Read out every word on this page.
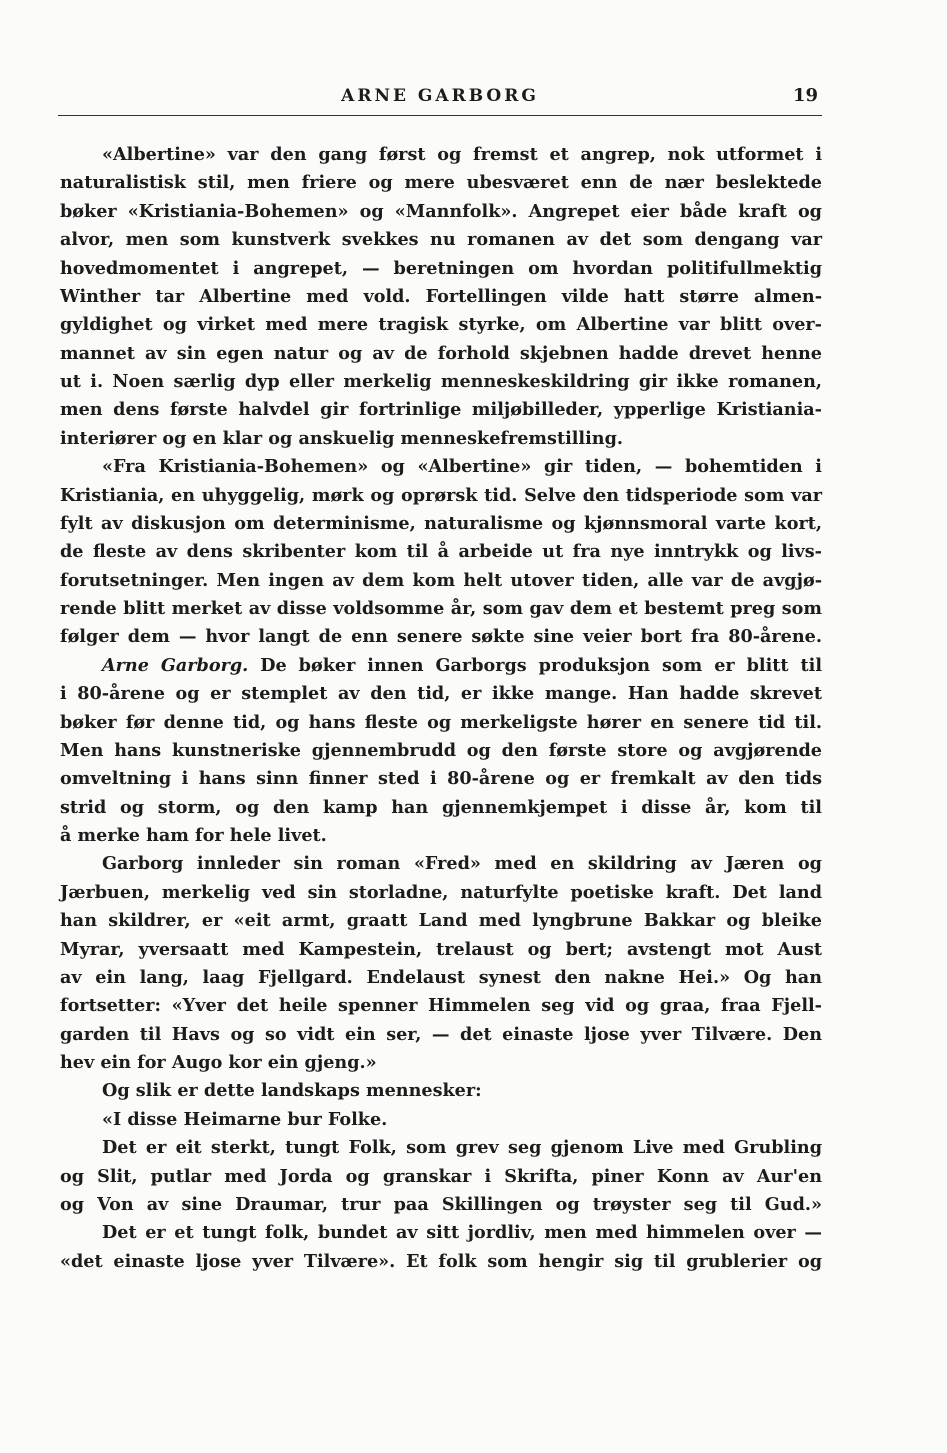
ARNE GARBORG	19
«Albertine» var den gang først og fremst et angrep, nok utformet i
naturalistisk stil, men friere og mere ubesværet enn de nær beslektede
bøker «Kristiania-Bohemen» og «Mannfolk». Angrepet eier både kraft og
alvor, men som kunstverk svekkes nu romanen av det som dengang var
hovedmomentet i angrepet, — beretningen om hvordan politifullmektig
Winther tar Albertine med vold. Fortellingen vilde hatt større almen-
gyldighet og virket med mere tragisk styrke, om Albertine var blitt over-
mannet av sin egen natur og av de forhold skjebnen hadde drevet henne
ut i. Noen særlig dyp eller merkelig menneskeskildring gir ikke romanen,
men dens første halvdel gir fortrinlige miljøbilleder, ypperlige Kristiania-
interiører og en klar og anskuelig menneskefremstilling.
«Fra Kristiania-Bohemen» og «Albertine» gir tiden, — bohemtiden i
Kristiania, en uhyggelig, mørk og oprørsk tid. Selve den tidsperiode som var
fylt av diskusjon om determinisme, naturalisme og kjønnsmoral varte kort,
de fleste av dens skribenter kom til å arbeide ut fra nye inntrykk og livs-
forutsetninger. Men ingen av dem kom helt utover tiden, alle var de avgjø-
rende blitt merket av disse voldsomme år, som gav dem et bestemt preg som
følger dem — hvor langt de enn senere søkte sine veier bort fra 80-årene.
Arne Garborg. De bøker innen Garborgs produksjon som er blitt til
i 80-årene og er stemplet av den tid, er ikke mange. Han hadde skrevet
bøker før denne tid, og hans fleste og merkeligste hører en senere tid til.
Men hans kunstneriske gjennembrudd og den første store og avgjørende
omveltning i hans sinn finner sted i 80-årene og er fremkalt av den tids
strid og storm, og den kamp han gjennemkjempet i disse år, kom til
å merke ham for hele livet.
Garborg innleder sin roman «Fred» med en skildring av Jæren og
Jærbuen, merkelig ved sin storladne, naturfylte poetiske kraft. Det land
han skildrer, er «eit armt, graatt Land med lyngbrune Bakkar og bleike
Myrar, yversaatt med Kampestein, trelaust og bert; avstengt mot Aust
av ein lang, laag Fjellgard. Endelaust synest den nakne Hei.» Og han
fortsetter: «Yver det heile spenner Himmelen seg vid og graa, fraa Fjell-
garden til Havs og so vidt ein ser, — det einaste ljose yver Tilvære. Den
hev ein for Augo kor ein gjeng.»
Og slik er dette landskaps mennesker:
«I disse Heimarne bur Folke.
Det er eit sterkt, tungt Folk, som grev seg gjenom Live med Grubling
og Slit, putlar med Jorda og granskar i Skrifta, piner Konn av Aur'en
og Von av sine Draumar, trur paa Skillingen og trøyster seg til Gud.»
Det er et tungt folk, bundet av sitt jordliv, men med himmelen over —
«det einaste ljose yver Tilvære». Et folk som hengir sig til grublerier og
